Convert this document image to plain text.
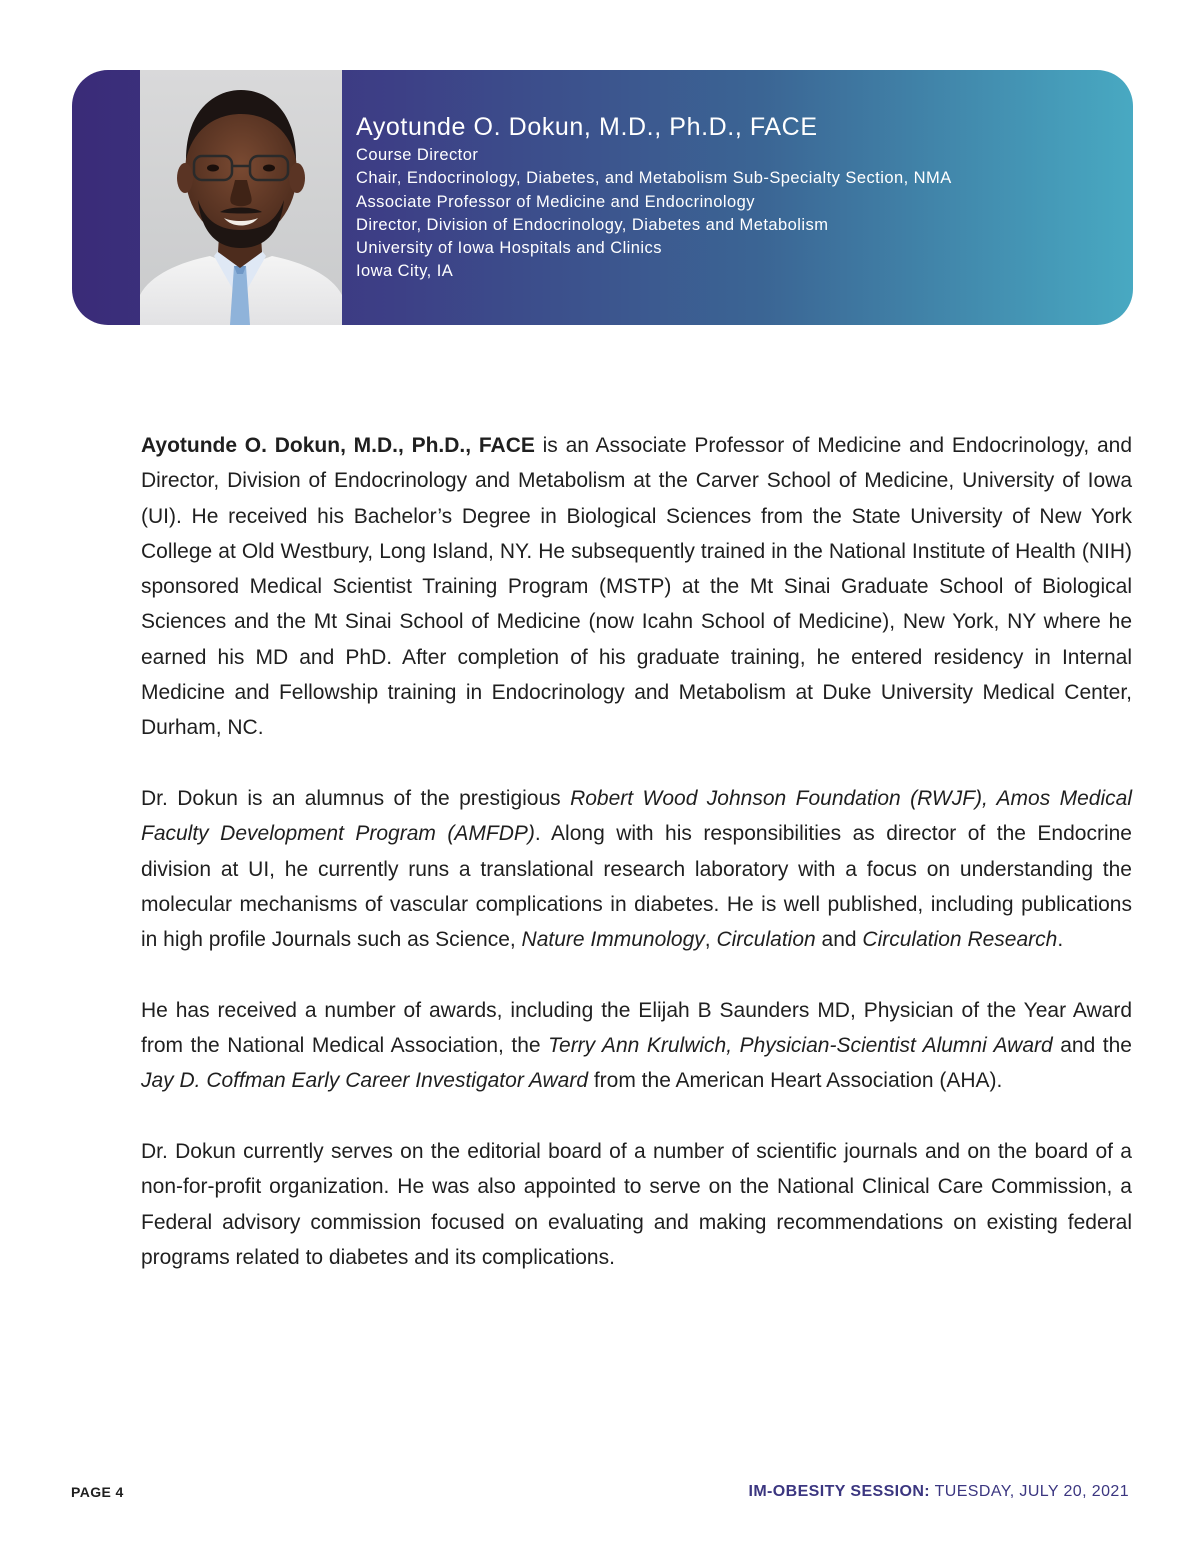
Ayotunde O. Dokun, M.D., Ph.D., FACE
Course Director
Chair, Endocrinology, Diabetes, and Metabolism Sub-Specialty Section, NMA
Associate Professor of Medicine and Endocrinology
Director, Division of Endocrinology, Diabetes and Metabolism
University of Iowa Hospitals and Clinics
Iowa City, IA

Ayotunde O. Dokun, M.D., Ph.D., FACE is an Associate Professor of Medicine and Endocrinology, and Director, Division of Endocrinology and Metabolism at the Carver School of Medicine, University of Iowa (UI). He received his Bachelor’s Degree in Biological Sciences from the State University of New York College at Old Westbury, Long Island, NY. He subsequently trained in the National Institute of Health (NIH) sponsored Medical Scientist Training Program (MSTP) at the Mt Sinai Graduate School of Biological Sciences and the Mt Sinai School of Medicine (now Icahn School of Medicine), New York, NY where he earned his MD and PhD. After completion of his graduate training, he entered residency in Internal Medicine and Fellowship training in Endocrinology and Metabolism at Duke University Medical Center, Durham, NC.

Dr. Dokun is an alumnus of the prestigious Robert Wood Johnson Foundation (RWJF), Amos Medical Faculty Development Program (AMFDP). Along with his responsibilities as director of the Endocrine division at UI, he currently runs a translational research laboratory with a focus on understanding the molecular mechanisms of vascular complications in diabetes. He is well published, including publications in high profile Journals such as Science, Nature Immunology, Circulation and Circulation Research.

He has received a number of awards, including the Elijah B Saunders MD, Physician of the Year Award from the National Medical Association, the Terry Ann Krulwich, Physician-Scientist Alumni Award and the Jay D. Coffman Early Career Investigator Award from the American Heart Association (AHA).

Dr. Dokun currently serves on the editorial board of a number of scientific journals and on the board of a non-for-profit organization. He was also appointed to serve on the National Clinical Care Commission, a Federal advisory commission focused on evaluating and making recommendations on existing federal programs related to diabetes and its complications.

PAGE 4	IM-OBESITY SESSION: TUESDAY, JULY 20, 2021
